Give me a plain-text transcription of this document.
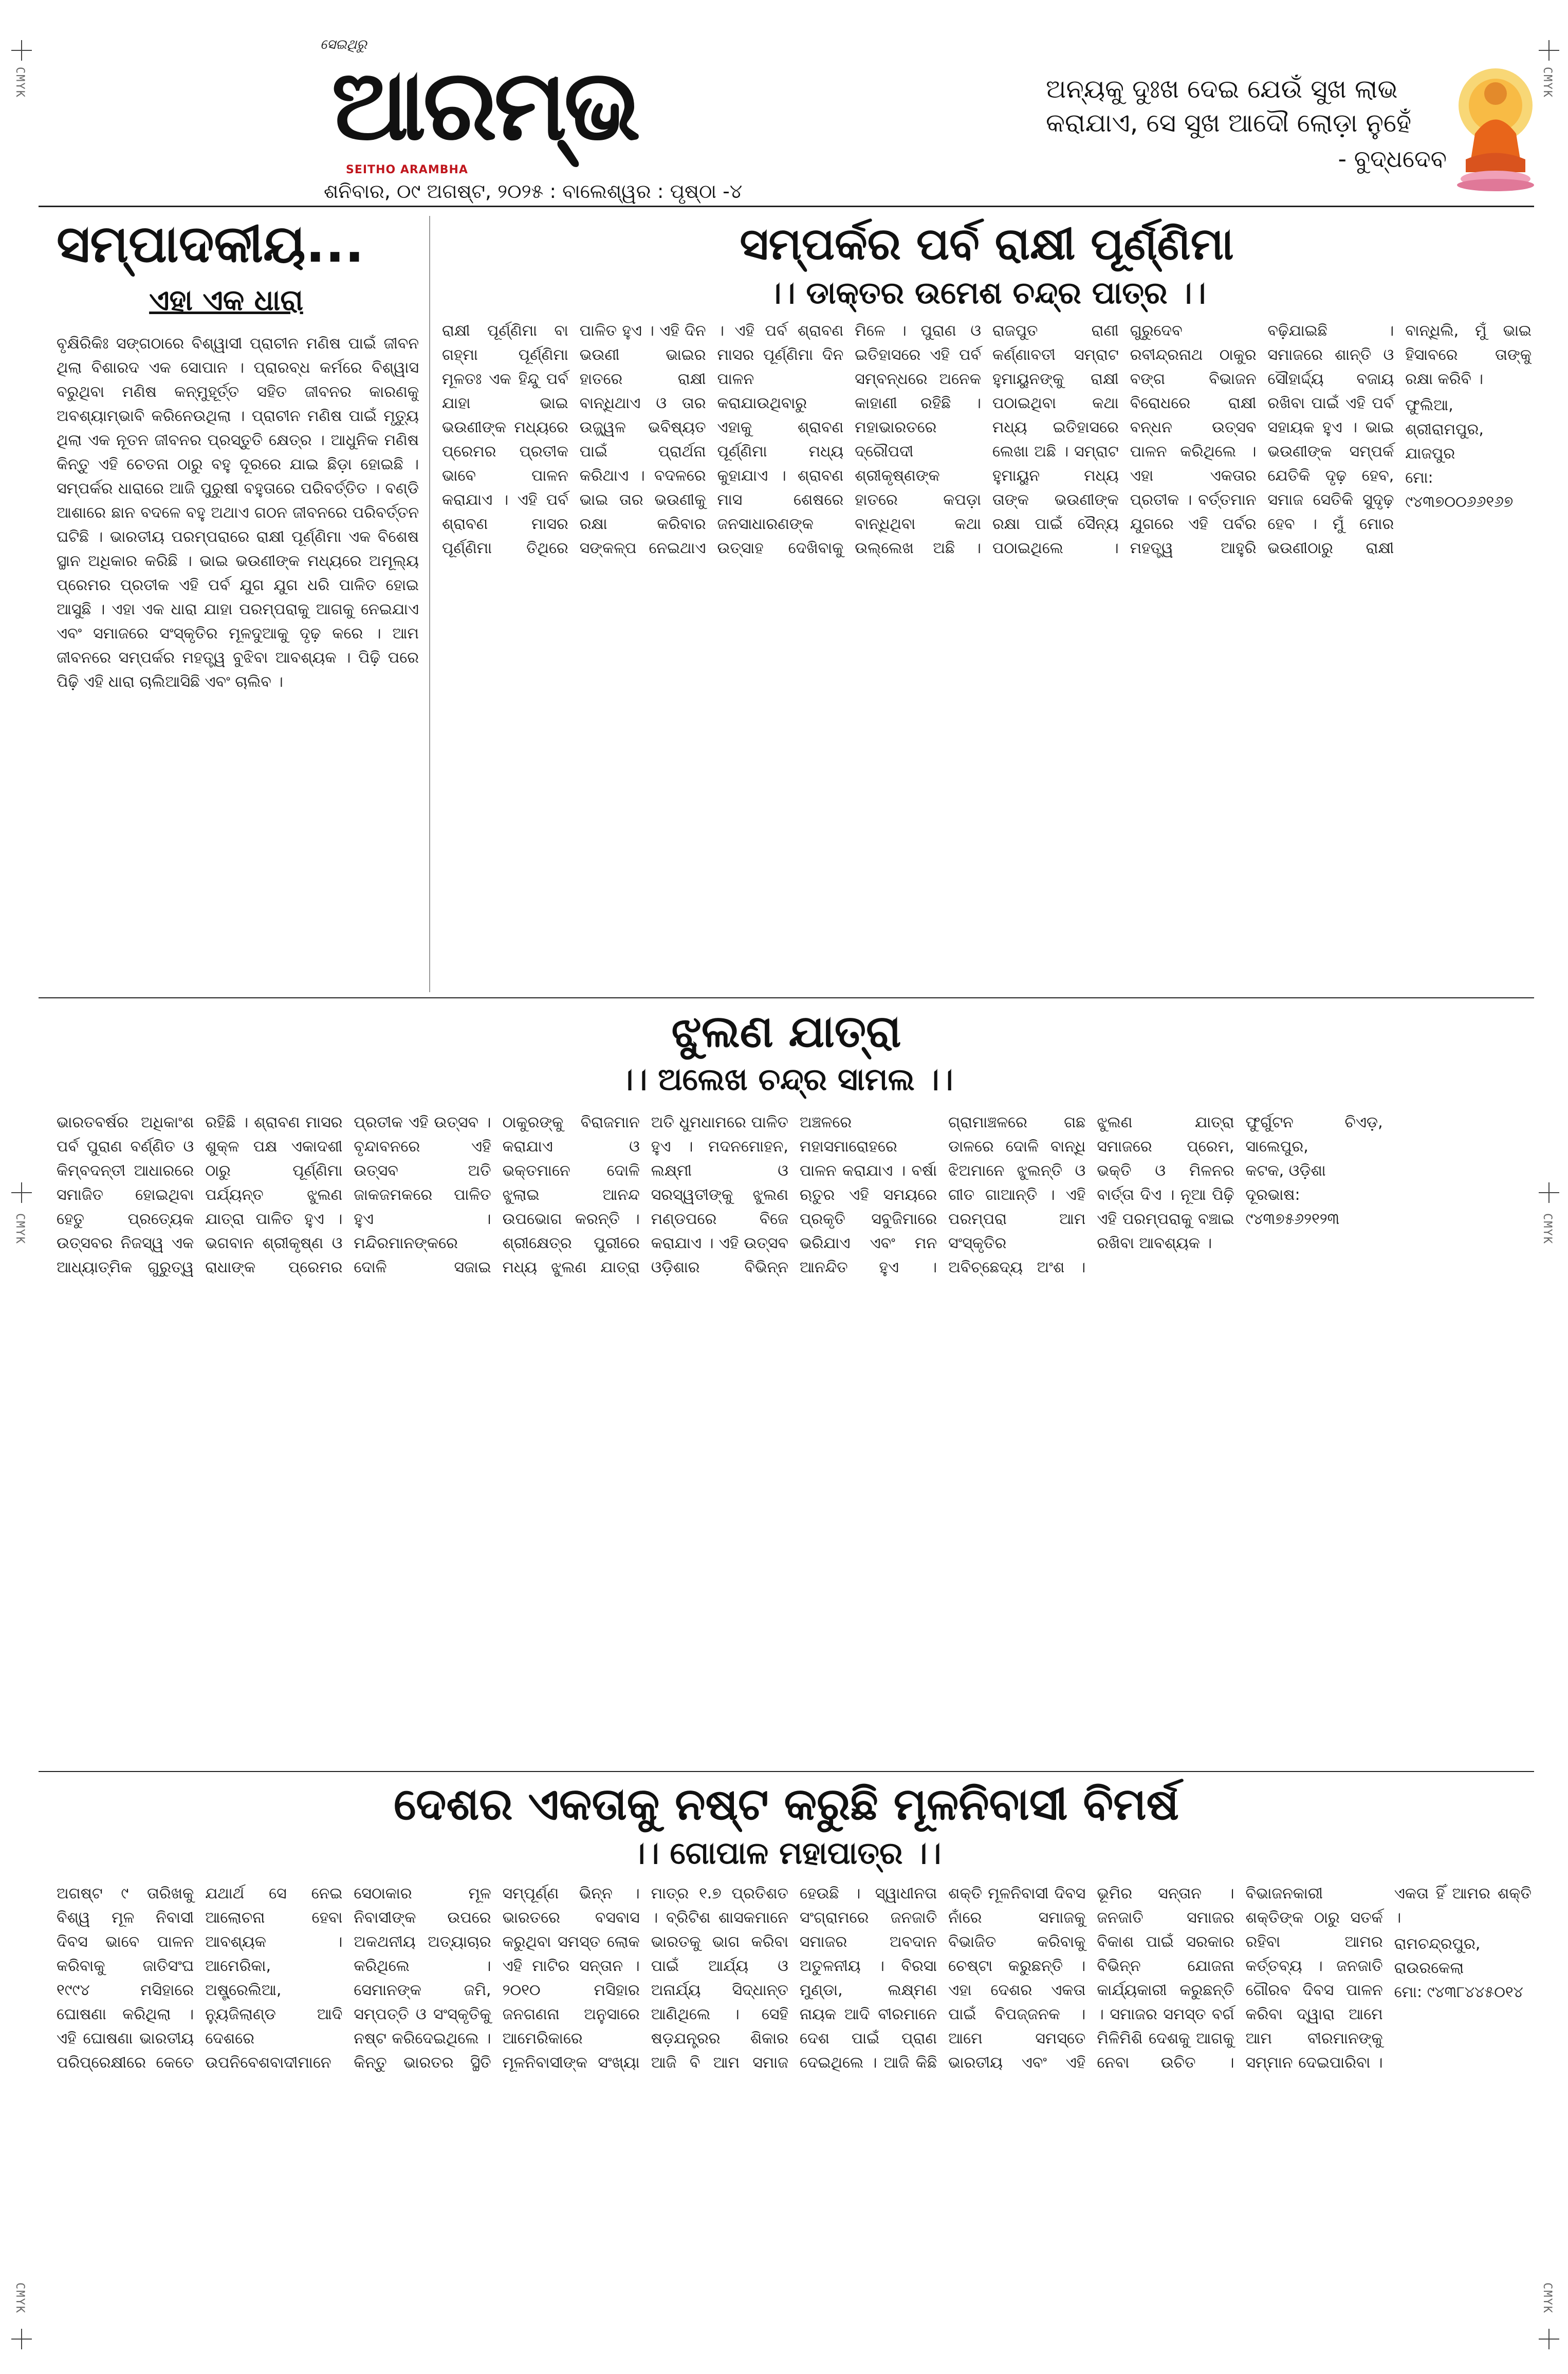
CMYK	CMYK
CMYK	CMYK
CMYK	CMYK
ସେଇଥିରୁ
ଆରମ୍ଭ
SEITHO ARAMBHA
ଶନିବାର, ୦୯ ଅଗଷ୍ଟ, ୨୦୨୫ : ବାଲେଶ୍ୱର : ପୃଷ୍ଠା -୪
ଅନ୍ୟକୁ ଦୁଃଖ ଦେଇ ଯେଉଁ ସୁଖ ଲାଭ କରାଯାଏ, ସେ ସୁଖ ଆଦୌ ଲୋଡ଼ା ନୁହେଁ
- ବୁଦ୍ଧଦେବ
ସମ୍ପାଦକୀୟ...
ଏହା ଏକ ଧାରା
ବୃକ୍ଷିରିକିଃ ସଙ୍ଗଠାରେ ବିଶ୍ୱାସୀ ପ୍ରାଚୀନ ମଣିଷ ପାଇଁ ଜୀବନ ଥିଲା ବିଶାରଦ ଏକ ସୋପାନ । ପ୍ରାରବ୍ଧ କର୍ମରେ ବିଶ୍ୱାସ ବରୁଥିବା ମଣିଷ କନ୍ମୁହୂର୍ତ୍ତ ସହିତ ଜୀବନର କାରଣକୁ ଅବଶ୍ୟାମ୍ଭାବି କରିନେଉଥିଲା । ପ୍ରାଚୀନ ମଣିଷ ପାଇଁ ମୃତ୍ୟୁ ଥିଲା ଏକ ନୂତନ ଜୀବନର ପ୍ରସ୍ତୁତି କ୍ଷେତ୍ର । ଆଧୁନିକ ମଣିଷ କିନ୍ତୁ ଏହି ଚେତନା ଠାରୁ ବହୁ ଦୂରରେ ଯାଇ ଛିଡ଼ା ହୋଇଛି । ସମ୍ପର୍କର ଧାରାରେ ଆଜି ପୁରୁଷୀ ବହୁତାରେ ପରିବର୍ତ୍ତିତ । ବଣ୍ଡି ଆଶାରେ ଛାନ ବଦଳେ ବହୁ ଅଥାଏ ଗଠନ ଜୀବନରେ ପରିବର୍ତ୍ତନ ଘଟିଛି । ଭାରତୀୟ ପରମ୍ପରାରେ ରାକ୍ଷୀ ପୂର୍ଣ୍ଣିମା ଏକ ବିଶେଷ ସ୍ଥାନ ଅଧିକାର କରିଛି । ଭାଇ ଭଉଣୀଙ୍କ ମଧ୍ୟରେ ଅମୂଲ୍ୟ ପ୍ରେମର ପ୍ରତୀକ ଏହି ପର୍ବ ଯୁଗ ଯୁଗ ଧରି ପାଳିତ ହୋଇ ଆସୁଛି । ଏହା ଏକ ଧାରା ଯାହା ପରମ୍ପରାକୁ ଆଗକୁ ନେଇଯାଏ ଏବଂ ସମାଜରେ ସଂସ୍କୃତିର ମୂଳଦୁଆକୁ ଦୃଢ଼ କରେ । ଆମ ଜୀବନରେ ସମ୍ପର୍କର ମହତ୍ତ୍ୱ ବୁଝିବା ଆବଶ୍ୟକ । ପିଢ଼ି ପରେ ପିଢ଼ି ଏହି ଧାରା ଚାଲିଆସିଛି ଏବଂ ଚାଲିବ ।
ସମ୍ପର୍କର ପର୍ବ ରାକ୍ଷୀ ପୂର୍ଣ୍ଣିମା
।। ଡାକ୍ତର ଉମେଶ ଚନ୍ଦ୍ର ପାତ୍ର ।।
ରାକ୍ଷୀ ପୂର୍ଣ୍ଣିମା ବା ଗହ୍ମା ପୂର୍ଣ୍ଣିମା ମୂଳତଃ ଏକ ହିନ୍ଦୁ ପର୍ବ ଯାହା ଭାଇ ଭଉଣୀଙ୍କ ମଧ୍ୟରେ ପ୍ରେମର ପ୍ରତୀକ ଭାବେ ପାଳନ କରାଯାଏ । ଏହି ପର୍ବ ଶ୍ରାବଣ ମାସର ପୂର୍ଣ୍ଣିମା ତିଥିରେ ପାଳିତ ହୁଏ । ଏହି ଦିନ ଭଉଣୀ ଭାଇର ହାତରେ ରାକ୍ଷୀ ବାନ୍ଧିଥାଏ ଓ ତାର ଉଜ୍ଜ୍ୱଳ ଭବିଷ୍ୟତ ପାଇଁ ପ୍ରାର୍ଥନା କରିଥାଏ । ବଦଳରେ ଭାଇ ତାର ଭଉଣୀକୁ ରକ୍ଷା କରିବାର ସଙ୍କଳ୍ପ ନେଇଥାଏ । ଏହି ପର୍ବ ଶ୍ରାବଣ ମାସର ପୂର୍ଣ୍ଣିମା ଦିନ ପାଳନ କରାଯାଉଥିବାରୁ ଏହାକୁ ଶ୍ରାବଣ ପୂର୍ଣ୍ଣିମା ମଧ୍ୟ କୁହାଯାଏ । ଶ୍ରାବଣ ମାସ ଶେଷରେ ଜନସାଧାରଣଙ୍କ ଉତ୍ସାହ ଦେଖିବାକୁ ମିଳେ । ପୁରାଣ ଓ ଇତିହାସରେ ଏହି ପର୍ବ ସମ୍ବନ୍ଧରେ ଅନେକ କାହାଣୀ ରହିଛି । ମହାଭାରତରେ ଦ୍ରୌପଦୀ ଶ୍ରୀକୃଷ୍ଣଙ୍କ ହାତରେ କପଡ଼ା ବାନ୍ଧିଥିବା କଥା ଉଲ୍ଲେଖ ଅଛି । ରାଜପୁତ ରାଣୀ କର୍ଣ୍ଣାବତୀ ସମ୍ରାଟ ହୁମାୟୁନଙ୍କୁ ରାକ୍ଷୀ ପଠାଇଥିବା କଥା ମଧ୍ୟ ଇତିହାସରେ ଲେଖା ଅଛି । ସମ୍ରାଟ ହୁମାୟୁନ ମଧ୍ୟ ତାଙ୍କ ଭଉଣୀଙ୍କ ରକ୍ଷା ପାଇଁ ସୈନ୍ୟ ପଠାଇଥିଲେ । ଗୁରୁଦେବ ରବୀନ୍ଦ୍ରନାଥ ଠାକୁର ବଙ୍ଗ ବିଭାଜନ ବିରୋଧରେ ରାକ୍ଷୀ ବନ୍ଧନ ଉତ୍ସବ ପାଳନ କରିଥିଲେ । ଏହା ଏକତାର ପ୍ରତୀକ । ବର୍ତ୍ତମାନ ଯୁଗରେ ଏହି ପର୍ବର ମହତ୍ତ୍ୱ ଆହୁରି ବଢ଼ିଯାଇଛି । ସମାଜରେ ଶାନ୍ତି ଓ ସୌହାର୍ଦ୍ଦ୍ୟ ବଜାୟ ରଖିବା ପାଇଁ ଏହି ପର୍ବ ସହାୟକ ହୁଏ । ଭାଇ ଭଉଣୀଙ୍କ ସମ୍ପର୍କ ଯେତିକି ଦୃଢ଼ ହେବ, ସମାଜ ସେତିକି ସୁଦୃଢ଼ ହେବ । ମୁଁ ମୋର ଭଉଣୀଠାରୁ ରାକ୍ଷୀ ବାନ୍ଧିଲି, ମୁଁ ଭାଇ ହିସାବରେ ତାଙ୍କୁ ରକ୍ଷା କରିବି ।
ଫୁଲିଆ, ଶ୍ରୀରାମପୁର, ଯାଜପୁର
ମୋ: ୯୪୩୭୦୦୬୬୧୬୭
ଝୁଲଣ ଯାତ୍ରା
।। ଅଲେଖ ଚନ୍ଦ୍ର ସାମଲ ।।
ଭାରତବର୍ଷର ଅଧିକାଂଶ ପର୍ବ ପୁରାଣ ବର୍ଣ୍ଣିତ ଓ କିମ୍ବଦନ୍ତୀ ଆଧାରରେ ସମାଜିତ ହୋଇଥିବା ହେତୁ ପ୍ରତ୍ୟେକ ଉତ୍ସବର ନିଜସ୍ୱ ଏକ ଆଧ୍ୟାତ୍ମିକ ଗୁରୁତ୍ୱ ରହିଛି । ଶ୍ରାବଣ ମାସର ଶୁକ୍ଳ ପକ୍ଷ ଏକାଦଶୀ ଠାରୁ ପୂର୍ଣ୍ଣିମା ପର୍ଯ୍ୟନ୍ତ ଝୁଲଣ ଯାତ୍ରା ପାଳିତ ହୁଏ । ଭଗବାନ ଶ୍ରୀକୃଷ୍ଣ ଓ ରାଧାଙ୍କ ପ୍ରେମର ପ୍ରତୀକ ଏହି ଉତ୍ସବ । ବୃନ୍ଦାବନରେ ଏହି ଉତ୍ସବ ଅତି ଜାକଜମକରେ ପାଳିତ ହୁଏ । ମନ୍ଦିରମାନଙ୍କରେ ଦୋଳି ସଜାଇ ଠାକୁରଙ୍କୁ ବିରାଜମାନ କରାଯାଏ ଓ ଭକ୍ତମାନେ ଦୋଳି ଝୁଲାଇ ଆନନ୍ଦ ଉପଭୋଗ କରନ୍ତି । ଶ୍ରୀକ୍ଷେତ୍ର ପୁରୀରେ ମଧ୍ୟ ଝୁଲଣ ଯାତ୍ରା ଅତି ଧୁମଧାମରେ ପାଳିତ ହୁଏ । ମଦନମୋହନ, ଲକ୍ଷ୍ମୀ ଓ ସରସ୍ୱତୀଙ୍କୁ ଝୁଲଣ ମଣ୍ଡପରେ ବିଜେ କରାଯାଏ । ଏହି ଉତ୍ସବ ଓଡ଼ିଶାର ବିଭିନ୍ନ ଅଞ୍ଚଳରେ ମହାସମାରୋହରେ ପାଳନ କରାଯାଏ । ବର୍ଷା ଋତୁର ଏହି ସମୟରେ ପ୍ରକୃତି ସବୁଜିମାରେ ଭରିଯାଏ ଏବଂ ମନ ଆନନ୍ଦିତ ହୁଏ । ଗ୍ରାମାଞ୍ଚଳରେ ଗଛ ଡାଳରେ ଦୋଳି ବାନ୍ଧି ଝିଅମାନେ ଝୁଲନ୍ତି ଓ ଗୀତ ଗାଆନ୍ତି । ଏହି ପରମ୍ପରା ଆମ ସଂସ୍କୃତିର ଅବିଚ୍ଛେଦ୍ୟ ଅଂଶ । ଝୁଲଣ ଯାତ୍ରା ସମାଜରେ ପ୍ରେମ, ଭକ୍ତି ଓ ମିଳନର ବାର୍ତ୍ତା ଦିଏ । ନୂଆ ପିଢ଼ି ଏହି ପରମ୍ପରାକୁ ବଞ୍ଚାଇ ରଖିବା ଆବଶ୍ୟକ ।
ଫୁର୍ଗୁଟନ ଚିଏଡ଼, ସାଲେପୁର,
କଟକ, ଓଡ଼ିଶା
ଦୂରଭାଷ: ୯୪୩୭୫୬୨୧୨୩
ଦେଶର ଏକତାକୁ ନଷ୍ଟ କରୁଛି ମୂଳନିବାସୀ ବିମର୍ଷ
।। ଗୋପାଳ ମହାପାତ୍ର ।।
ଅଗଷ୍ଟ ୯ ତାରିଖକୁ ବିଶ୍ୱ ମୂଳ ନିବାସୀ ଦିବସ ଭାବେ ପାଳନ କରିବାକୁ ଜାତିସଂଘ ୧୯୯୪ ମସିହାରେ ଘୋଷଣା କରିଥିଲା । ଏହି ଘୋଷଣା ଭାରତୀୟ ପରିପ୍ରେକ୍ଷୀରେ କେତେ ଯଥାର୍ଥ ସେ ନେଇ ଆଲୋଚନା ହେବା ଆବଶ୍ୟକ । ଆମେରିକା, ଅଷ୍ଟ୍ରେଲିଆ, ନ୍ୟୁଜିଲାଣ୍ଡ ଆଦି ଦେଶରେ ଉପନିବେଶବାଦୀମାନେ ସେଠାକାର ମୂଳ ନିବାସୀଙ୍କ ଉପରେ ଅକଥନୀୟ ଅତ୍ୟାଚାର କରିଥିଲେ । ସେମାନଙ୍କ ଜମି, ସମ୍ପତ୍ତି ଓ ସଂସ୍କୃତିକୁ ନଷ୍ଟ କରିଦେଇଥିଲେ । କିନ୍ତୁ ଭାରତର ସ୍ଥିତି ସମ୍ପୂର୍ଣ୍ଣ ଭିନ୍ନ । ଭାରତରେ ବସବାସ କରୁଥିବା ସମସ୍ତ ଲୋକ ଏହି ମାଟିର ସନ୍ତାନ । ୨୦୧୦ ମସିହାର ଜନଗଣନା ଅନୁସାରେ ଆମେରିକାରେ ମୂଳନିବାସୀଙ୍କ ସଂଖ୍ୟା ମାତ୍ର ୧.୭ ପ୍ରତିଶତ । ବ୍ରିଟିଶ ଶାସକମାନେ ଭାରତକୁ ଭାଗ କରିବା ପାଇଁ ଆର୍ଯ୍ୟ ଓ ଅନାର୍ଯ୍ୟ ସିଦ୍ଧାନ୍ତ ଆଣିଥିଲେ । ସେହି ଷଡ଼ଯନ୍ତ୍ରର ଶିକାର ଆଜି ବି ଆମ ସମାଜ ହେଉଛି । ସ୍ୱାଧୀନତା ସଂଗ୍ରାମରେ ଜନଜାତି ସମାଜର ଅବଦାନ ଅତୁଳନୀୟ । ବିରସା ମୁଣ୍ଡା, ଲକ୍ଷ୍ମଣ ନାୟକ ଆଦି ବୀରମାନେ ଦେଶ ପାଇଁ ପ୍ରାଣ ଦେଇଥିଲେ । ଆଜି କିଛି ଶକ୍ତି ମୂଳନିବାସୀ ଦିବସ ନାଁରେ ସମାଜକୁ ବିଭାଜିତ କରିବାକୁ ଚେଷ୍ଟା କରୁଛନ୍ତି । ଏହା ଦେଶର ଏକତା ପାଇଁ ବିପଜ୍ଜନକ । ଆମେ ସମସ୍ତେ ଭାରତୀୟ ଏବଂ ଏହି ଭୂମିର ସନ୍ତାନ । ଜନଜାତି ସମାଜର ବିକାଶ ପାଇଁ ସରକାର ବିଭିନ୍ନ ଯୋଜନା କାର୍ଯ୍ୟକାରୀ କରୁଛନ୍ତି । ସମାଜର ସମସ୍ତ ବର୍ଗ ମିଳିମିଶି ଦେଶକୁ ଆଗକୁ ନେବା ଉଚିତ । ବିଭାଜନକାରୀ ଶକ୍ତିଙ୍କ ଠାରୁ ସତର୍କ ରହିବା ଆମର କର୍ତ୍ତବ୍ୟ । ଜନଜାତି ଗୌରବ ଦିବସ ପାଳନ କରିବା ଦ୍ୱାରା ଆମେ ଆମ ବୀରମାନଙ୍କୁ ସମ୍ମାନ ଦେଇପାରିବା । ଏକତା ହିଁ ଆମର ଶକ୍ତି ।
ରାମଚନ୍ଦ୍ରପୁର, ରାଉରକେଲା
ମୋ: ୯୪୩୮୪୪୫୦୧୪
